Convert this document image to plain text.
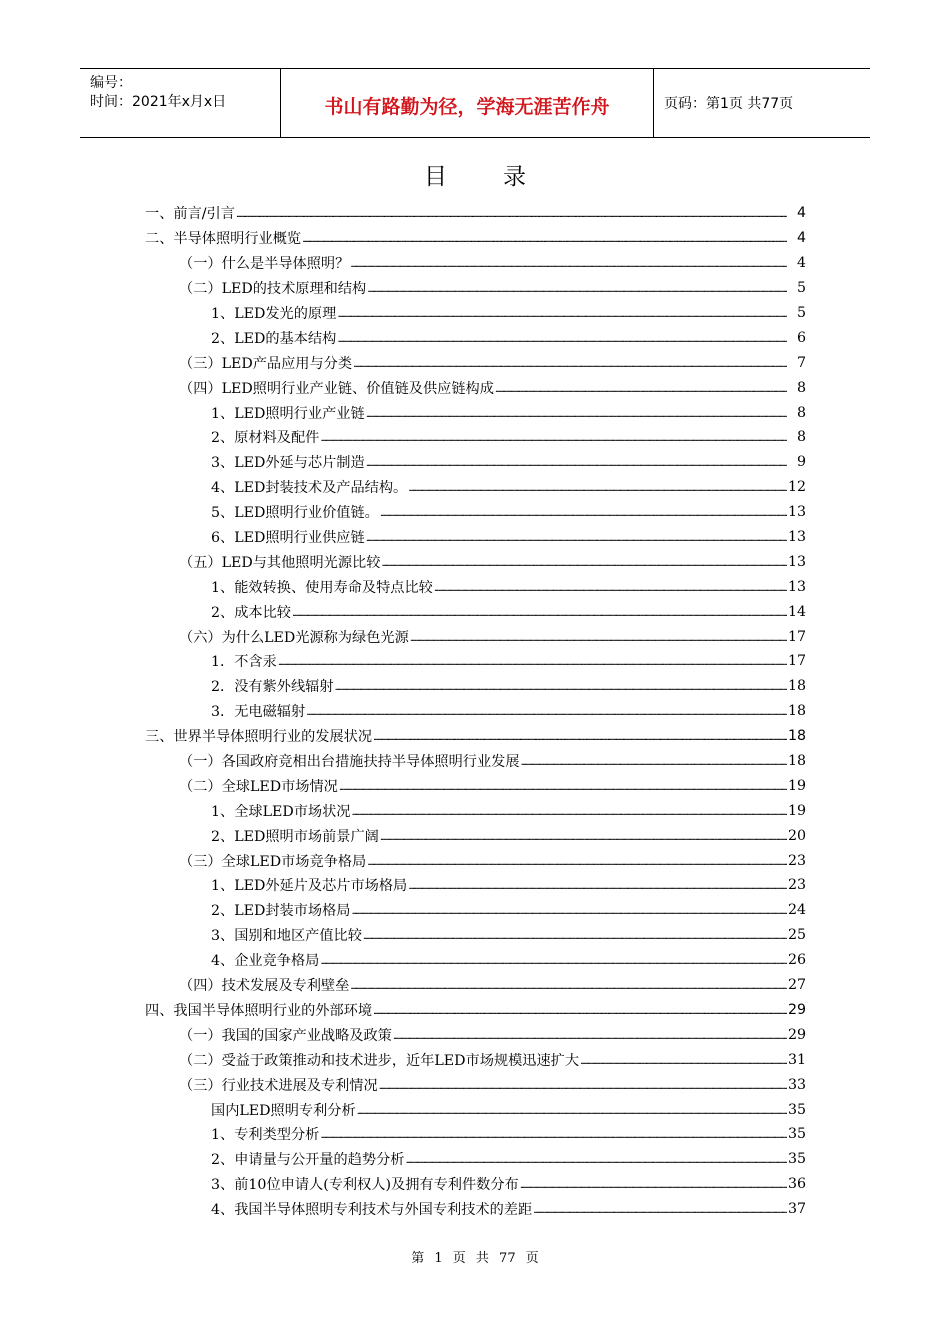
编号：
时间：2021年x月x日	书山有路勤为径，学海无涯苦作舟	页码：第1页 共77页
目录
一、前言/引言 . . .	4
二、半导体照明行业概览 . . .	4
（一）什么是半导体照明？ . . .	4
（二）LED的技术原理和结构 . . .	5
1、LED发光的原理 . . .	5
2、LED的基本结构 . . .	6
（三）LED产品应用与分类 . . .	7
（四）LED照明行业产业链、价值链及供应链构成 . . .	8
1、LED照明行业产业链 . . .	8
2、原材料及配件 . . .	8
3、LED外延与芯片制造 . . .	9
4、LED封装技术及产品结构。 . . .	12
5、LED照明行业价值链。 . . .	13
6、LED照明行业供应链 . . .	13
（五）LED与其他照明光源比较 . . .	13
1、能效转换、使用寿命及特点比较 . . .	13
2、成本比较 . . .	14
（六）为什么LED光源称为绿色光源 . . .	17
1．不含汞 . . .	17
2．没有紫外线辐射 . . .	18
3．无电磁辐射 . . .	18
三、世界半导体照明行业的发展状况 . . .	18
（一）各国政府竞相出台措施扶持半导体照明行业发展 . . .	18
（二）全球LED市场情况 . . .	19
1、全球LED市场状况 . . .	19
2、LED照明市场前景广阔 . . .	20
（三）全球LED市场竞争格局 . . .	23
1、LED外延片及芯片市场格局 . . .	23
2、LED封装市场格局 . . .	24
3、国别和地区产值比较 . . .	25
4、企业竞争格局 . . .	26
（四）技术发展及专利壁垒 . . .	27
四、我国半导体照明行业的外部环境 . . .	29
（一）我国的国家产业战略及政策 . . .	29
（二）受益于政策推动和技术进步，近年LED市场规模迅速扩大 . . .	31
（三）行业技术进展及专利情况 . . .	33
国内LED照明专利分析 . . .	35
1、专利类型分析 . . .	35
2、申请量与公开量的趋势分析 . . .	35
3、前10位申请人(专利权人)及拥有专利件数分布 . . .	36
4、我国半导体照明专利技术与外国专利技术的差距 . . .	37
第 1 页 共 77 页
